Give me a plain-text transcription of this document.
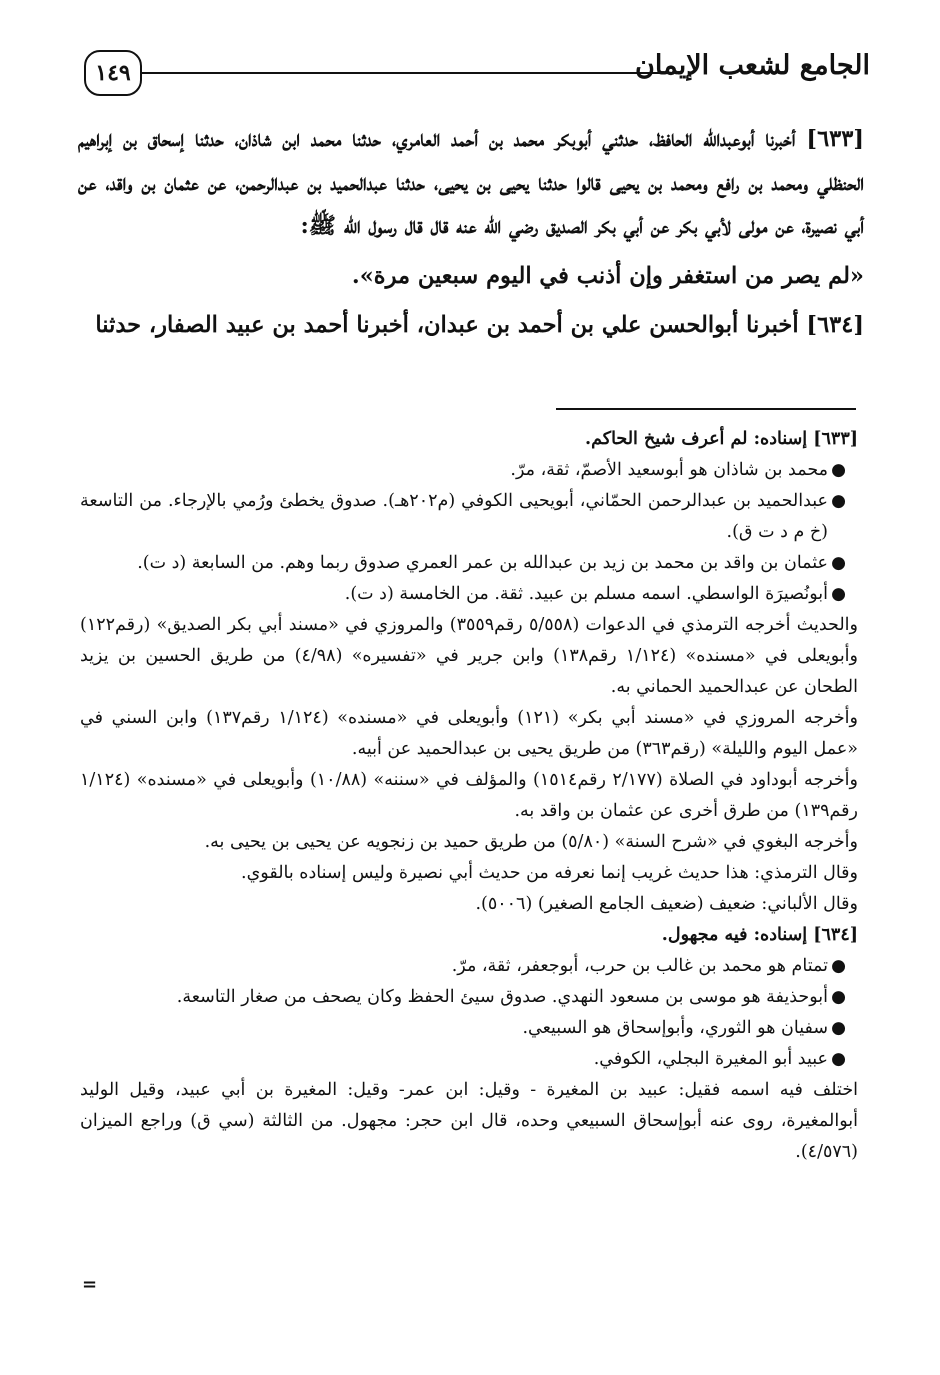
١٤٩	الجامع لشعب الإيمان

[٦٣٣] أخبرنا أبوعبدالله الحافظ، حدثني أبوبكر محمد بن أحمد العامري، حدثنا محمد ابن شاذان، حدثنا إسحاق بن إبراهيم الحنظلي ومحمد بن رافع ومحمد بن يحيى قالوا حدثنا يحيى بن يحيى، حدثنا عبدالحميد بن عبدالرحمن، عن عثمان بن واقد، عن أبي نصيرة، عن مولى لأبي بكر عن أبي بكر الصديق رضي الله عنه قال قال رسول الله ﷺ:

«لم يصر من استغفر وإن أذنب في اليوم سبعين مرة».

[٦٣٤] أخبرنا أبوالحسن علي بن أحمد بن عبدان، أخبرنا أحمد بن عبيد الصفار، حدثنا

[٦٣٣] إسناده: لم أعرف شيخ الحاكم.

●
محمد بن شاذان هو أبوسعيد الأصمّ، ثقة، مرّ.
●
عبدالحميد بن عبدالرحمن الحمّاني، أبويحيى الكوفي (م٢٠٢هـ). صدوق يخطئ ورُمي بالإرجاء. من التاسعة (خ م د ت ق).
●
عثمان بن واقد بن محمد بن زيد بن عبدالله بن عمر العمري صدوق ربما وهم. من السابعة (د ت).
●
أبونُصيرَة الواسطي. اسمه مسلم بن عبيد. ثقة. من الخامسة (د ت).

والحديث أخرجه الترمذي في الدعوات (٥/٥٥٨ رقم٣٥٥٩) والمروزي في «مسند أبي بكر الصديق» (رقم١٢٢) وأبويعلى في «مسنده» (١/١٢٤ رقم١٣٨) وابن جرير في «تفسيره» (٤/٩٨) من طريق الحسين بن يزيد الطحان عن عبدالحميد الحماني به.

وأخرجه المروزي في «مسند أبي بكر» (١٢١) وأبويعلى في «مسنده» (١/١٢٤ رقم١٣٧) وابن السني في «عمل اليوم والليلة» (رقم٣٦٣) من طريق يحيى بن عبدالحميد عن أبيه.

وأخرجه أبوداود في الصلاة (٢/١٧٧ رقم١٥١٤) والمؤلف في «سننه» (١٠/٨٨) وأبويعلى في «مسنده» (١/١٢٤ رقم١٣٩) من طرق أخرى عن عثمان بن واقد به.

وأخرجه البغوي في «شرح السنة» (٥/٨٠) من طريق حميد بن زنجويه عن يحيى بن يحيى به.

وقال الترمذي: هذا حديث غريب إنما نعرفه من حديث أبي نصيرة وليس إسناده بالقوي.

وقال الألباني: ضعيف (ضعيف الجامع الصغير) (٥٠٠٦).

[٦٣٤] إسناده: فيه مجهول.

●
تمتام هو محمد بن غالب بن حرب، أبوجعفر، ثقة، مرّ.
●
أبوحذيفة هو موسى بن مسعود النهدي. صدوق سيئ الحفظ وكان يصحف من صغار التاسعة.
●
سفيان هو الثوري، وأبوإسحاق هو السبيعي.
●
عبيد أبو المغيرة البجلي، الكوفي.

اختلف فيه اسمه فقيل: عبيد بن المغيرة - وقيل: ابن عمر- وقيل: المغيرة بن أبي عبيد، وقيل الوليد أبوالمغيرة، روى عنه أبوإسحاق السبيعي وحده، قال ابن حجر: مجهول. من الثالثة (سي ق) وراجع الميزان (٤/٥٧٦).

=
